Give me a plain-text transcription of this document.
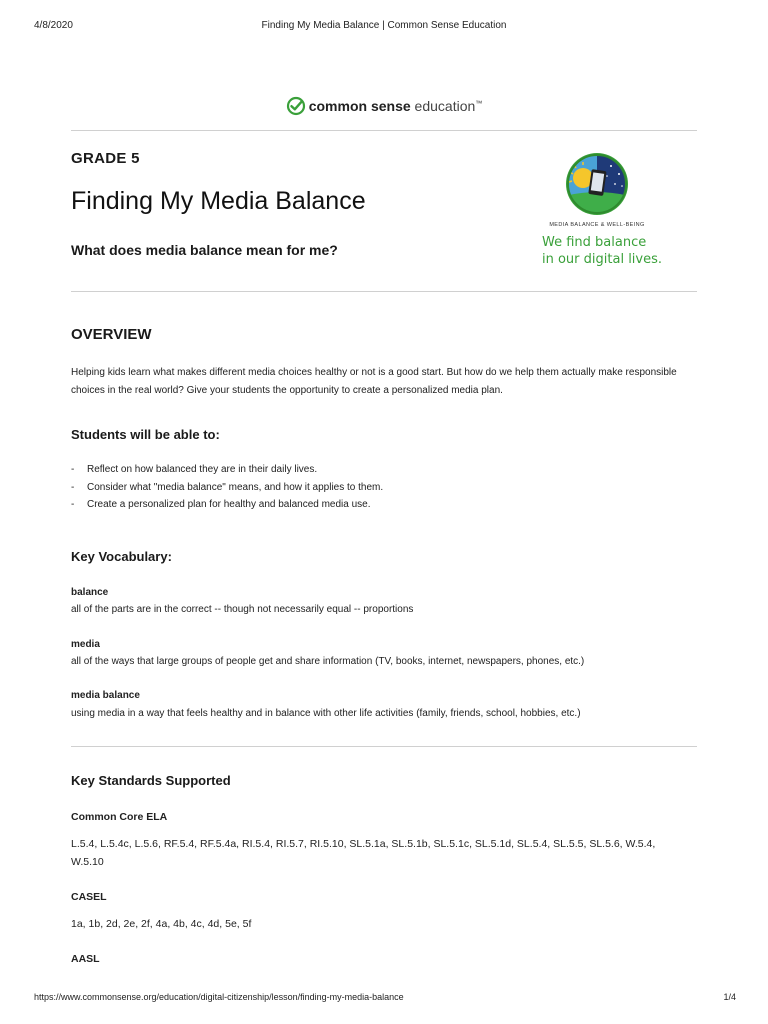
4/8/2020	Finding My Media Balance | Common Sense Education
common sense education™
GRADE 5
Finding My Media Balance
What does media balance mean for me?
MEDIA BALANCE & WELL-BEING
We find balance
in our digital lives.
OVERVIEW
Helping kids learn what makes different media choices healthy or not is a good start. But how do we help them actually make responsible choices in the real world? Give your students the opportunity to create a personalized media plan.
Students will be able to:
- Reflect on how balanced they are in their daily lives.
- Consider what "media balance" means, and how it applies to them.
- Create a personalized plan for healthy and balanced media use.
Key Vocabulary:
balance
all of the parts are in the correct -- though not necessarily equal -- proportions
media
all of the ways that large groups of people get and share information (TV, books, internet, newspapers, phones, etc.)
media balance
using media in a way that feels healthy and in balance with other life activities (family, friends, school, hobbies, etc.)
Key Standards Supported
Common Core ELA
L.5.4, L.5.4c, L.5.6, RF.5.4, RF.5.4a, RI.5.4, RI.5.7, RI.5.10, SL.5.1a, SL.5.1b, SL.5.1c, SL.5.1d, SL.5.4, SL.5.5, SL.5.6, W.5.4, W.5.10
CASEL
1a, 1b, 2d, 2e, 2f, 4a, 4b, 4c, 4d, 5e, 5f
AASL
https://www.commonsense.org/education/digital-citizenship/lesson/finding-my-media-balance	1/4
